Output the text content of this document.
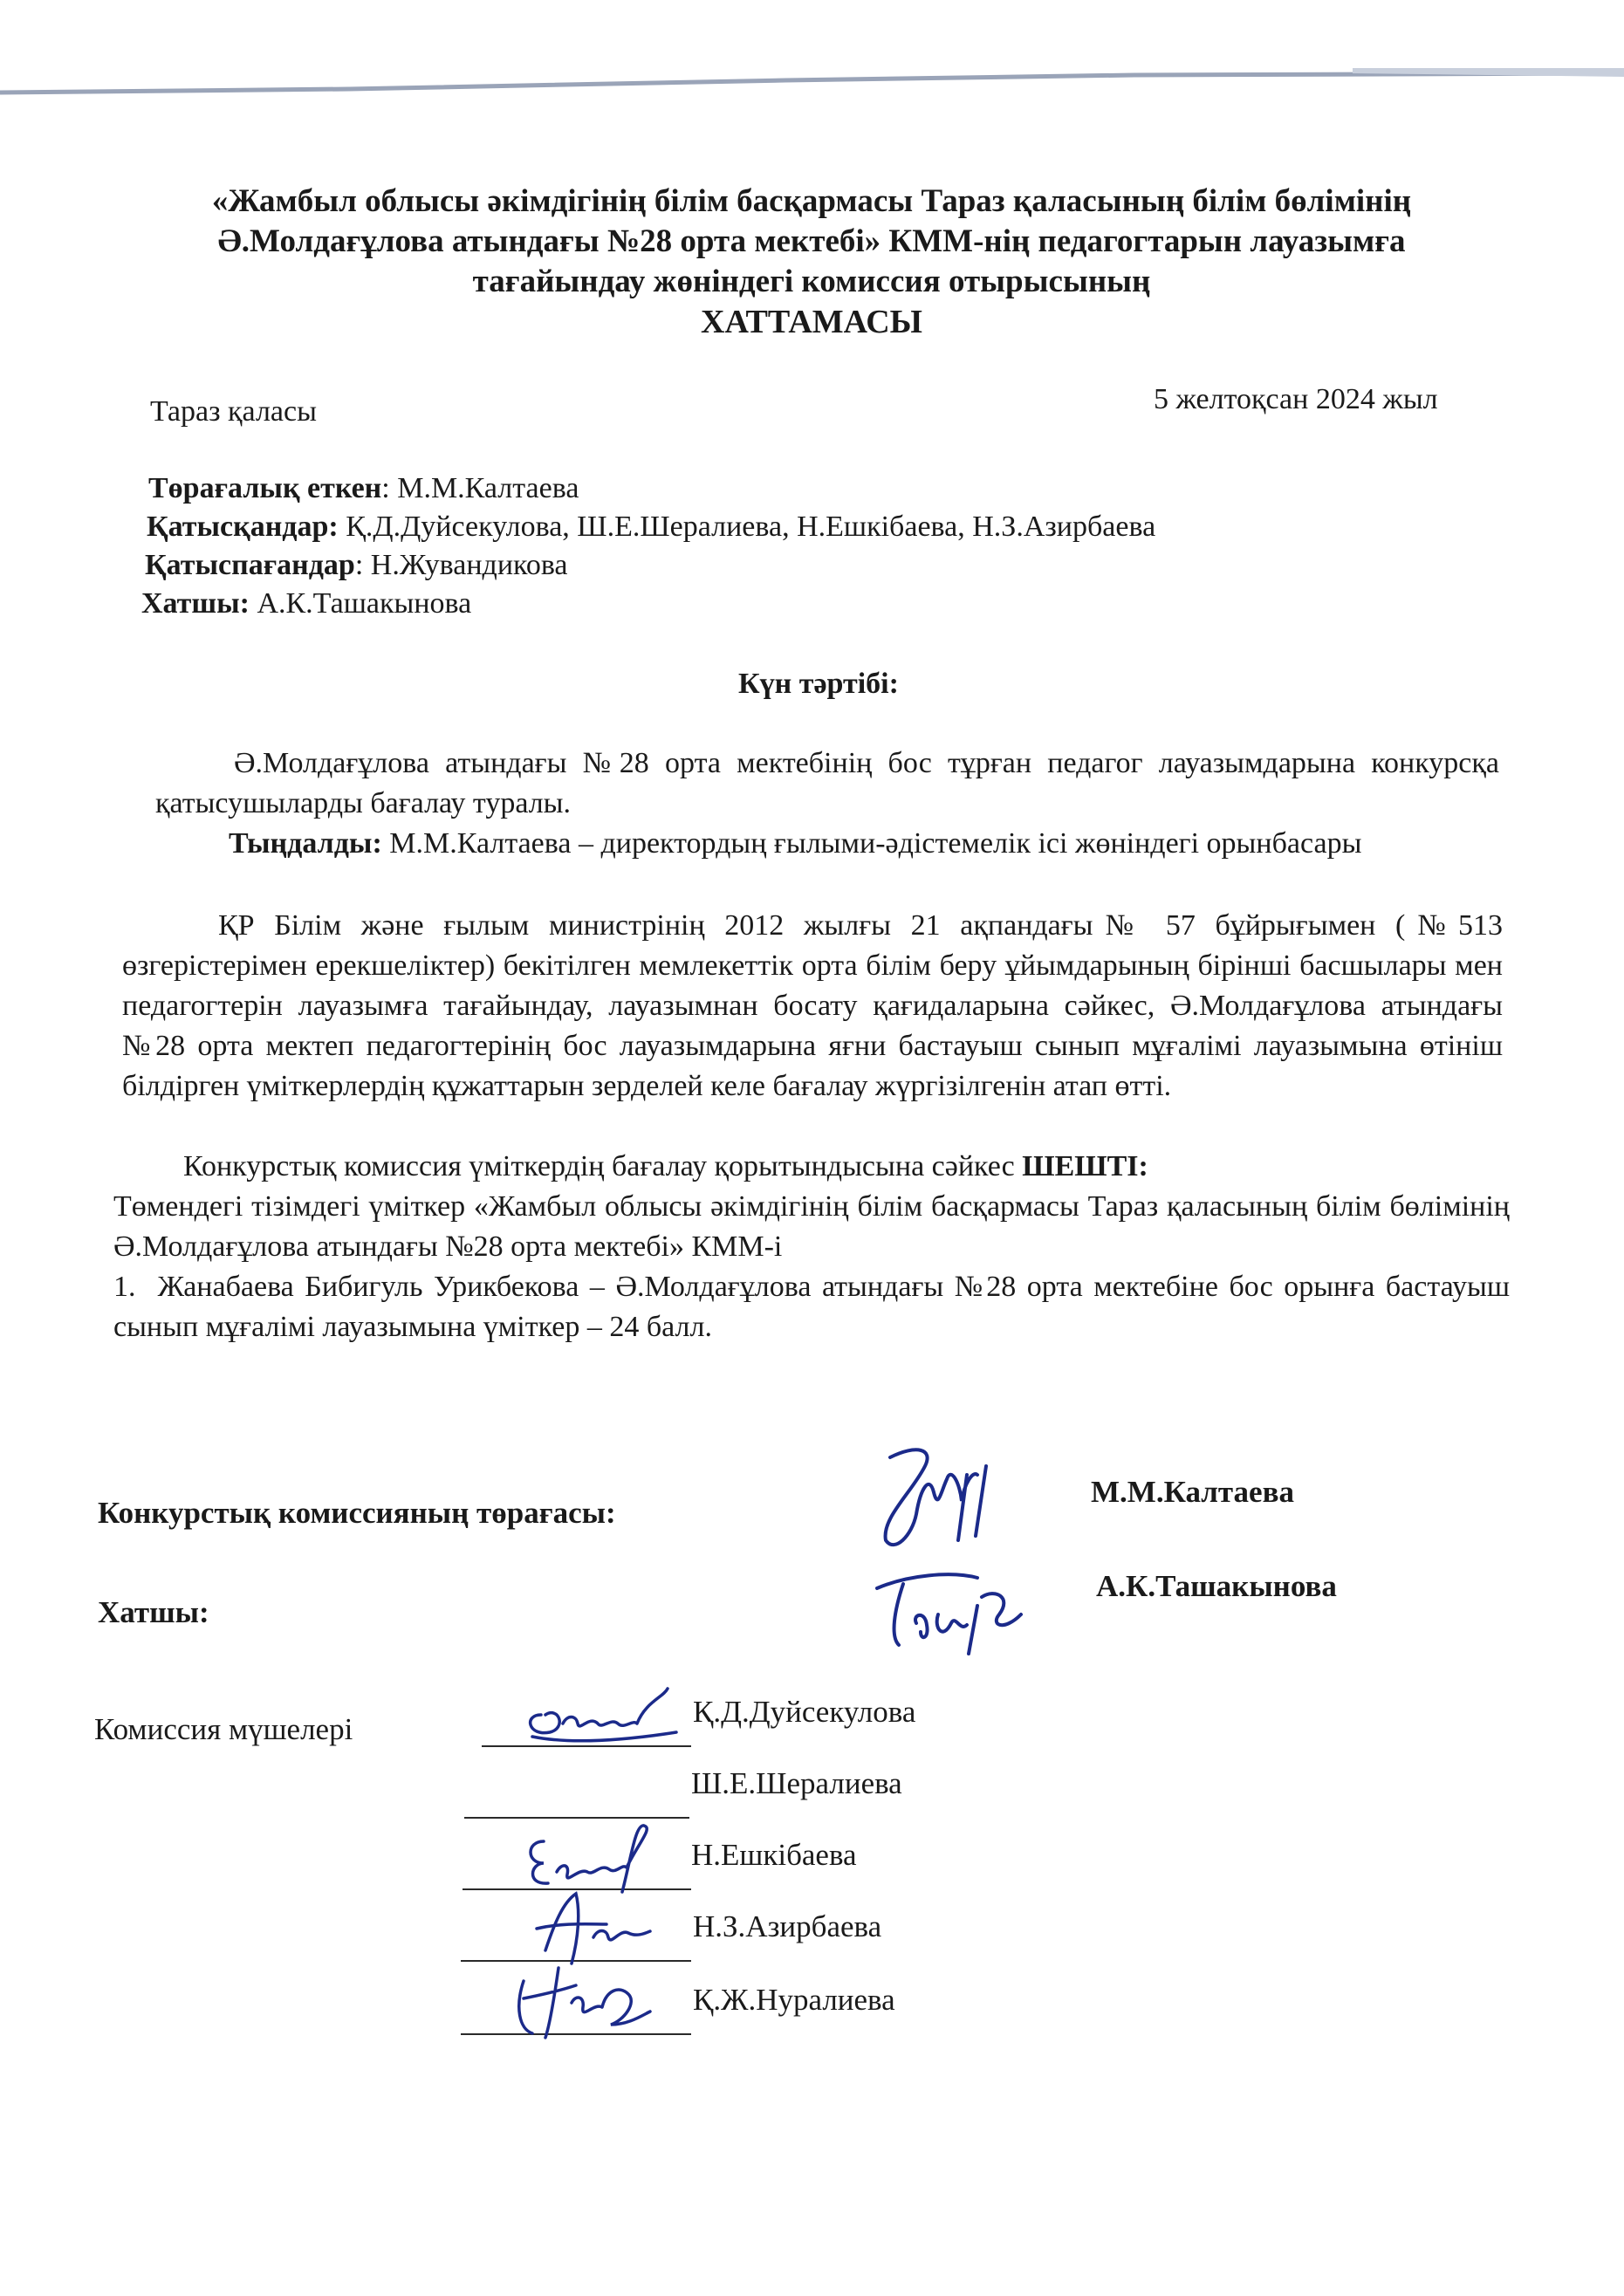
«Жамбыл облысы әкімдігінің білім басқармасы Тараз қаласының білім бөлімінің
Ә.Молдағұлова атындағы №28 орта мектебі» КММ-нің педагогтарын лауазымға
тағайындау жөніндегі комиссия отырысының
ХАТТАМАСЫ
Тараз қаласы	5 желтоқсан 2024 жыл
Төрағалық еткен: М.М.Калтаева
Қатысқандар: Қ.Д.Дуйсекулова, Ш.Е.Шералиева, Н.Ешкібаева, Н.З.Азирбаева
Қатыспағандар: Н.Жувандикова
Хатшы: А.К.Ташакынова
Күн тәртібі:
Ә.Молдағұлова атындағы №28 орта мектебінің бос тұрған педагог лауазымдарына конкурсқа қатысушыларды бағалау туралы.
Тыңдалды: М.М.Калтаева – директордың ғылыми-әдістемелік ісі жөніндегі орынбасары
ҚР Білім және ғылым министрінің 2012 жылғы 21 ақпандағы№ 57 бұйрығымен (№513 өзгерістерімен ерекшеліктер) бекітілген мемлекеттік орта білім беру ұйымдарының бірінші басшылары мен педагогтерін лауазымға тағайындау, лауазымнан босату қағидаларына сәйкес, Ә.Молдағұлова атындағы №28 орта мектеп педагогтерінің бос лауазымдарына яғни бастауыш сынып мұғалімі лауазымына өтініш білдірген үміткерлердің құжаттарын зерделей келе бағалау жүргізілгенін атап өтті.
Конкурстық комиссия үміткердің бағалау қорытындысына сәйкес ШЕШТІ:
Төмендегі тізімдегі үміткер «Жамбыл облысы әкімдігінің білім басқармасы Тараз қаласының білім бөлімінің Ә.Молдағұлова атындағы №28 орта мектебі» КММ-і
1. Жанабаева Бибигуль Урикбекова – Ә.Молдағұлова атындағы №28 орта мектебіне бос орынға бастауыш сынып мұғалімі лауазымына үміткер – 24 балл.
Конкурстық комиссияның төрағасы:
М.М.Калтаева
Хатшы:
А.К.Ташакынова
Комиссия мүшелері
Қ.Д.Дуйсекулова
Ш.Е.Шералиева
Н.Ешкібаева
Н.З.Азирбаева
Қ.Ж.Нуралиева
